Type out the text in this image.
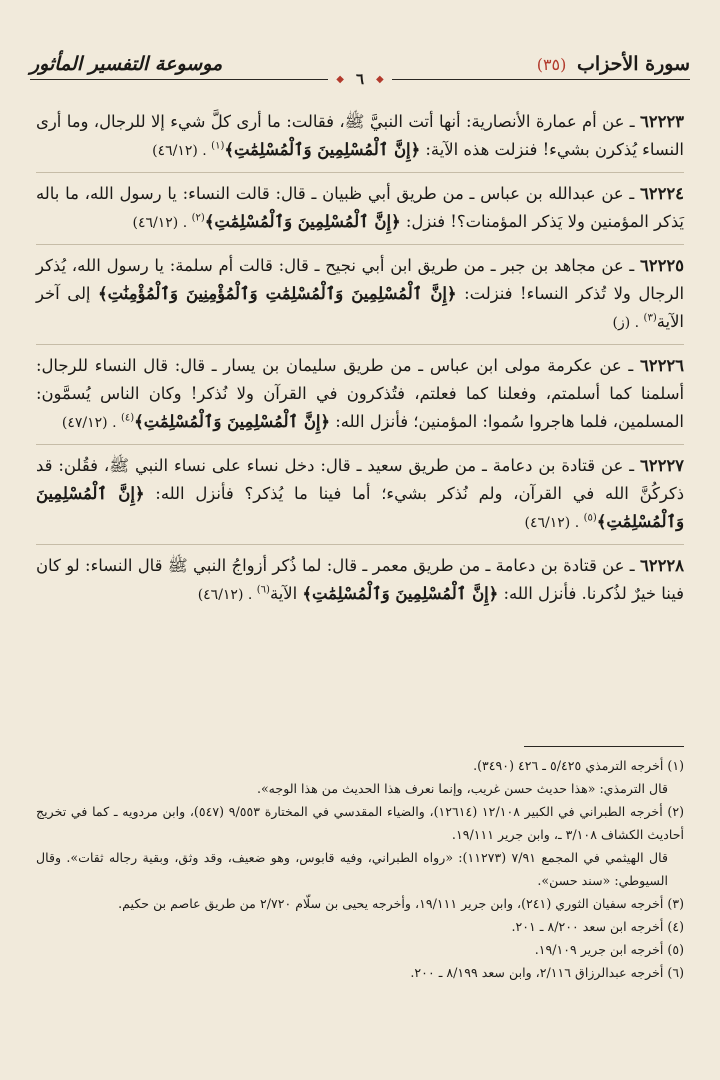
سورة الأحزاب (٣٥)
موسوعة التفسير المأثور
◆ ٦	◆
٦٢٢٢٣ ـ عن أم عمارة الأنصارية: أنها أتت النبيَّ ﷺ، فقالت: ما أرى كلَّ شيء إلا للرجال، وما أرى النساء يُذكرن بشيء! فنزلت هذه الآية: ﴿إِنَّ ٱلْمُسْلِمِينَ وَٱلْمُسْلِمَٰتِ﴾$^{(١)}$ . (٤٦/١٢)
٦٢٢٢٤ ـ عن عبدالله بن عباس ـ من طريق أبي ظبيان ـ قال: قالت النساء: يا رسول الله، ما باله يَذكر المؤمنين ولا يَذكر المؤمنات؟! فنزل: ﴿إِنَّ ٱلْمُسْلِمِينَ وَٱلْمُسْلِمَٰتِ﴾$^{(٢)}$ . (٤٦/١٢)
٦٢٢٢٥ ـ عن مجاهد بن جبر ـ من طريق ابن أبي نجيح ـ قال: قالت أم سلمة: يا رسول الله، يُذكر الرجال ولا تُذكر النساء! فنزلت: ﴿إِنَّ ٱلْمُسْلِمِينَ وَٱلْمُسْلِمَٰتِ وَٱلْمُؤْمِنِينَ وَٱلْمُؤْمِنَٰتِ﴾ إلى آخر الآية$^{(٣)}$ . (ز)
٦٢٢٢٦ ـ عن عكرمة مولى ابن عباس ـ من طريق سليمان بن يسار ـ قال: قال النساء للرجال: أسلمنا كما أسلمتم، وفعلنا كما فعلتم، فتُذكرون في القرآن ولا نُذكر! وكان الناس يُسمَّون: المسلمين، فلما هاجروا سُموا: المؤمنين؛ فأنزل الله: ﴿إِنَّ ٱلْمُسْلِمِينَ وَٱلْمُسْلِمَٰتِ﴾$^{(٤)}$ . (٤٧/١٢)
٦٢٢٢٧ ـ عن قتادة بن دعامة ـ من طريق سعيد ـ قال: دخل نساء على نساء النبي ﷺ، فقُلن: قد ذكركُنَّ الله في القرآن، ولم نُذكر بشيء؛ أما فينا ما يُذكر؟ فأنزل الله: ﴿إِنَّ ٱلْمُسْلِمِينَ وَٱلْمُسْلِمَٰتِ﴾$^{(٥)}$ . (٤٦/١٢)
٦٢٢٢٨ ـ عن قتادة بن دعامة ـ من طريق معمر ـ قال: لما ذُكر أزواجُ النبي ﷺ قال النساء: لو كان فينا خيرٌ لذُكرنا. فأنزل الله: ﴿إِنَّ ٱلْمُسْلِمِينَ وَٱلْمُسْلِمَٰتِ﴾ الآية$^{(٦)}$ . (٤٦/١٢)

(١) أخرجه الترمذي ٥/٤٢٥ ـ ٤٢٦ (٣٤٩٠).

قال الترمذي: «هذا حديث حسن غريب، وإنما نعرف هذا الحديث من هذا الوجه».

(٢) أخرجه الطبراني في الكبير ١٢/١٠٨ (١٢٦١٤)، والضياء المقدسي في المختارة ٩/٥٥٣ (٥٤٧)، وابن مردويه ـ كما في تخريج أحاديث الكشاف ٣/١٠٨ ـ، وابن جرير ١٩/١١١.

قال الهيثمي في المجمع ٧/٩١ (١١٢٧٣): «رواه الطبراني، وفيه قابوس، وهو ضعيف، وقد وثق، وبقية رجاله ثقات». وقال السيوطي: «سند حسن».

(٣) أخرجه سفيان الثوري (٢٤١)، وابن جرير ١٩/١١١، وأخرجه يحيى بن سلّام ٢/٧٢٠ من طريق عاصم بن حكيم.

(٤) أخرجه ابن سعد ٨/٢٠٠ ـ ٢٠١.

(٥) أخرجه ابن جرير ١٩/١٠٩.

(٦) أخرجه عبدالرزاق ٢/١١٦، وابن سعد ٨/١٩٩ ـ ٢٠٠.
